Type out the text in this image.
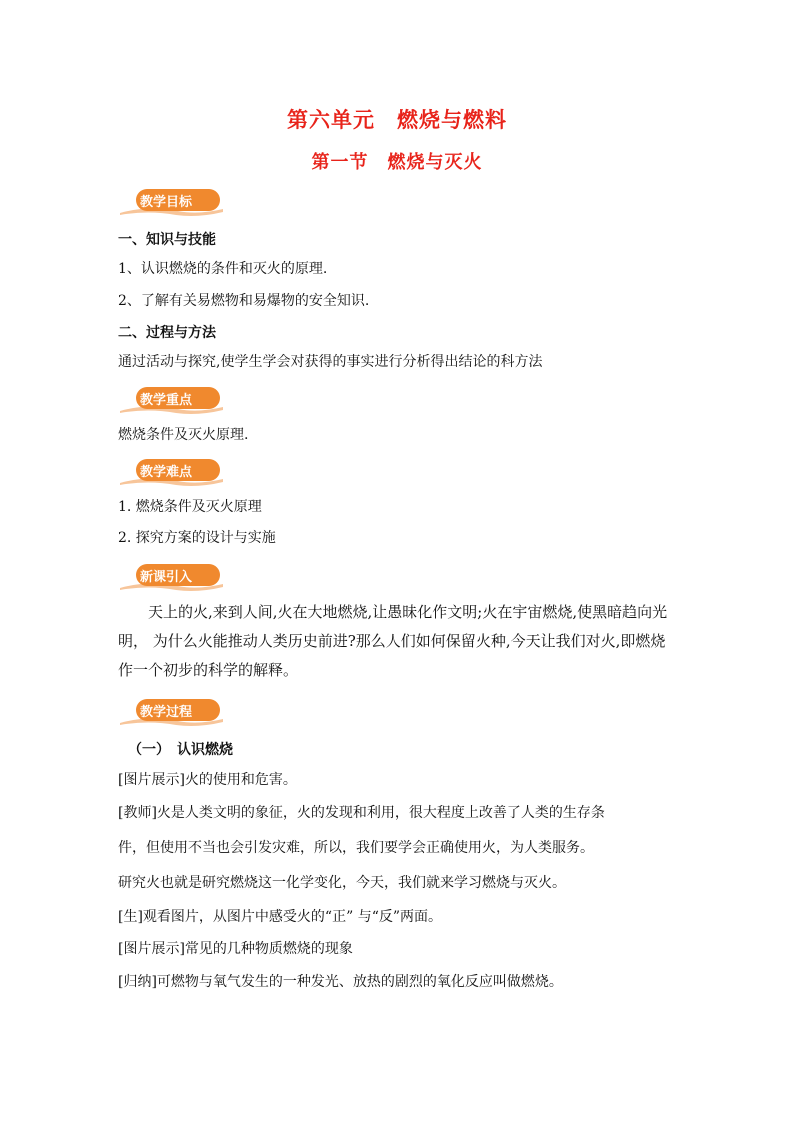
第六单元　燃烧与燃料
第一节　燃烧与灭火
教学目标
一、知识与技能
1、认识燃烧的条件和灭火的原理.
2、了解有关易燃物和易爆物的安全知识.
二、过程与方法
通过活动与探究,使学生学会对获得的事实进行分析得出结论的科方法
教学重点
燃烧条件及灭火原理.
教学难点
1. 燃烧条件及灭火原理
2. 探究方案的设计与实施
新课引入
天上的火,来到人间,火在大地燃烧,让愚昧化作文明;火在宇宙燃烧,使黑暗趋向光明， 为什么火能推动人类历史前进?那么人们如何保留火种,今天让我们对火,即燃烧作一个初步的科学的解释。
教学过程
（一）　认识燃烧
[图片展示]火的使用和危害。
[教师]火是人类文明的象征，火的发现和利用，很大程度上改善了人类的生存条
件，但使用不当也会引发灾难，所以，我们要学会正确使用火，为人类服务。
研究火也就是研究燃烧这一化学变化，今天，我们就来学习燃烧与灭火。
[生]观看图片，从图片中感受火的“正” 与“反”两面。
[图片展示]常见的几种物质燃烧的现象
[归纳]可燃物与氧气发生的一种发光、放热的剧烈的氧化反应叫做燃烧。
